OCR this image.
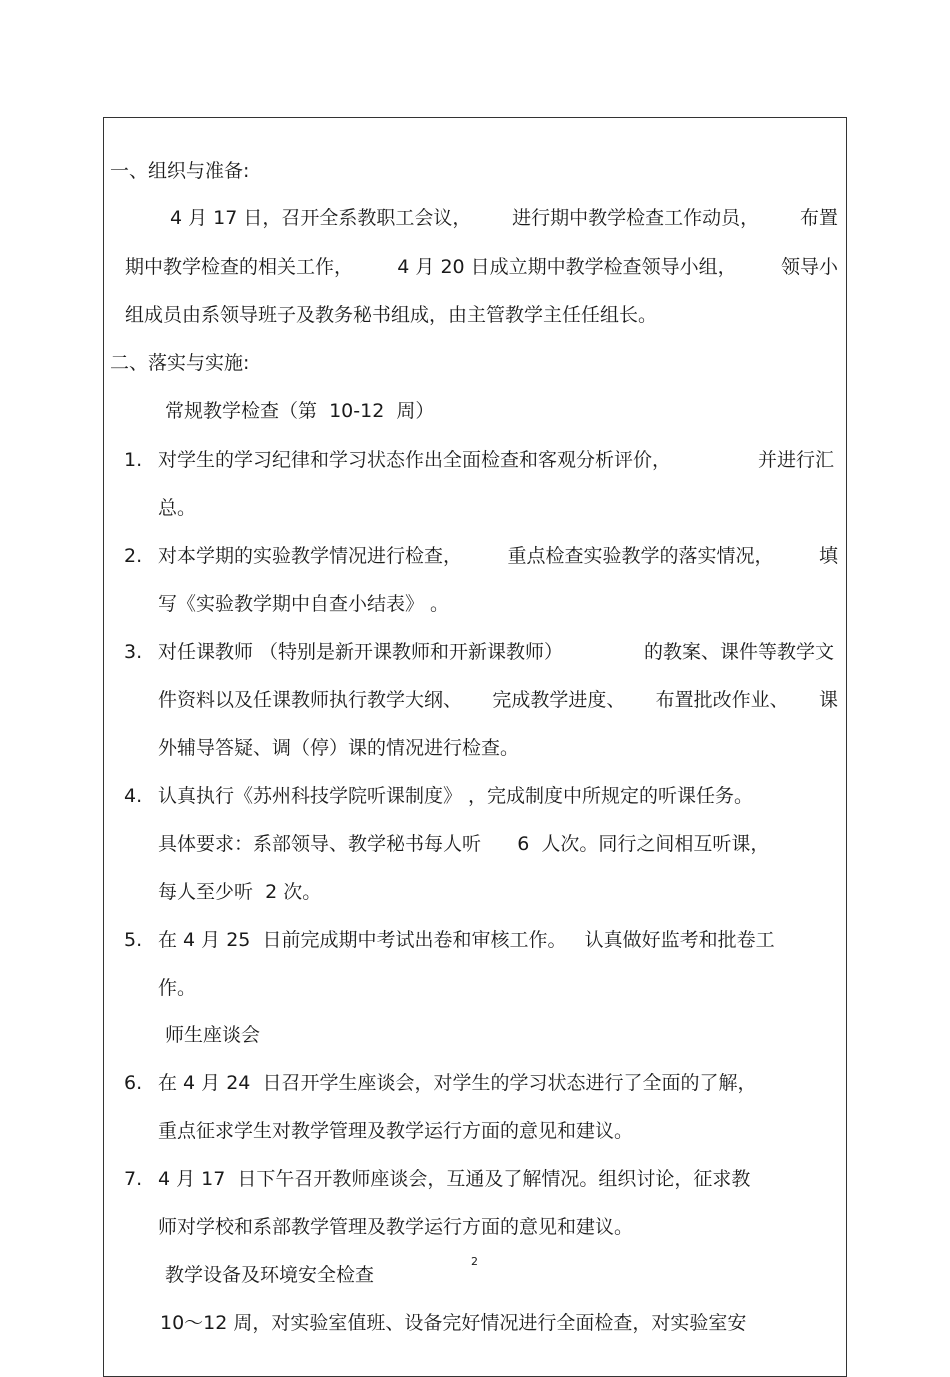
一、组织与准备:

4 月 17 日，召开全系教职工会议， 进行期中教学检查工作动员， 布置
期中教学检查的相关工作， 4 月 20 日成立期中教学检查领导小组， 领导小

组成员由系领导班子及教务秘书组成，由主管教学主任任组长。

二、落实与实施:

常规教学检查（第  10-12  周）

1. 对学生的学习纪律和学习状态作出全面检查和客观分析评价，	并进行汇

总。

2. 对本学期的实验教学情况进行检查， 重点检查实验教学的落实情况， 填

写《实验教学期中自查小结表》 。

3. 对任课教师 （特别是新开课教师和开新课教师）	的教案、课件等教学文
件资料以及任课教师执行教学大纲、 完成教学进度、 布置批改作业、 课

外辅导答疑、调（停）课的情况进行检查。

4. 认真执行《苏州科技学院听课制度》 ，完成制度中所规定的听课任务。

具体要求：系部领导、教学秘书每人听      6  人次。同行之间相互听课，

每人至少听  2 次。

5. 在 4 月 25  日前完成期中考试出卷和审核工作。   认真做好监考和批卷工

作。

师生座谈会

6. 在 4 月 24  日召开学生座谈会，对学生的学习状态进行了全面的了解，

重点征求学生对教学管理及教学运行方面的意见和建议。

7. 4 月 17  日下午召开教师座谈会，互通及了解情况。组织讨论，征求教

师对学校和系部教学管理及教学运行方面的意见和建议。

教学设备及环境安全检查

2

10～12 周，对实验室值班、设备完好情况进行全面检查，对实验室安
